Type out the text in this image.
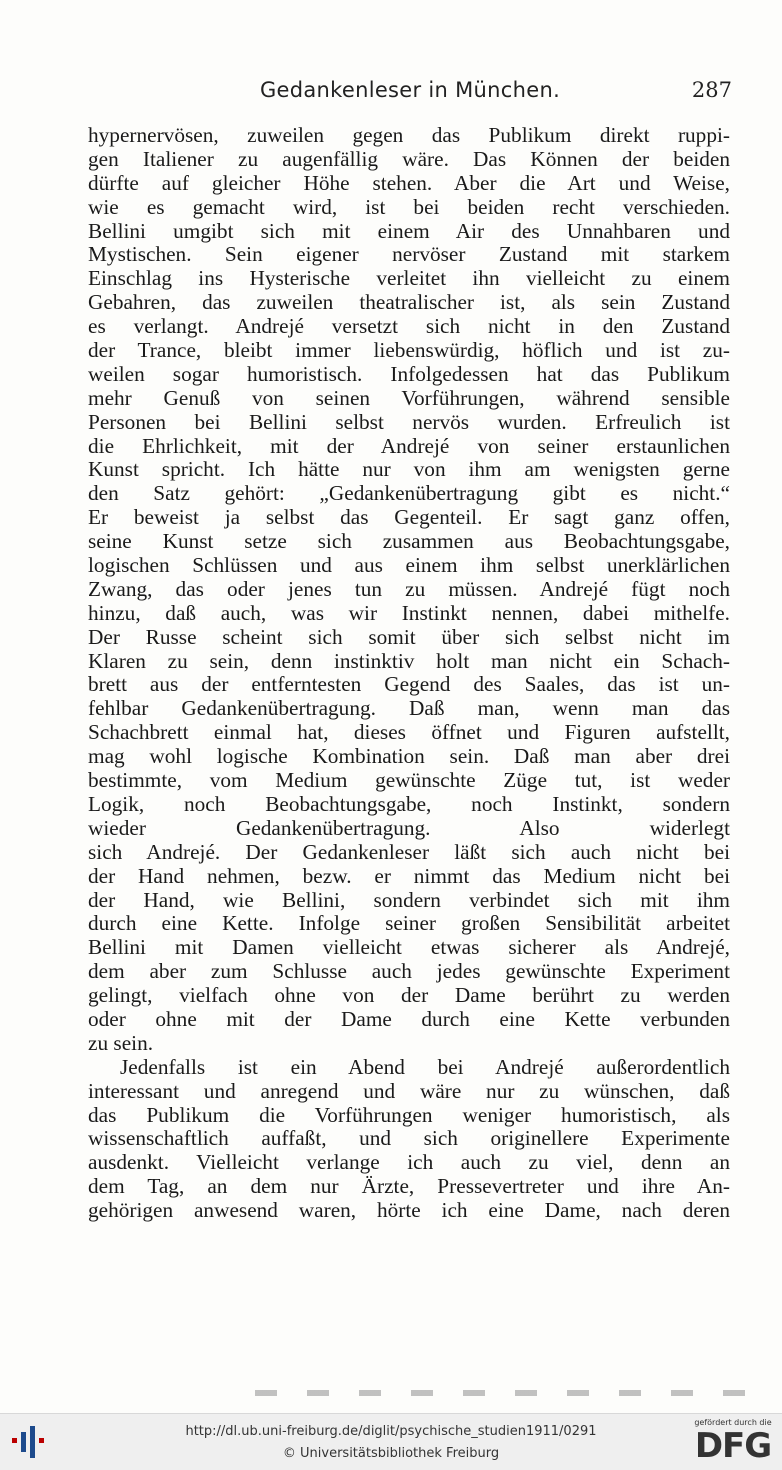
Gedankenleser in München.	287
hypernervösen, zuweilen gegen das Publikum direkt ruppi-
gen Italiener zu augenfällig wäre. Das Können der beiden
dürfte auf gleicher Höhe stehen. Aber die Art und Weise,
wie es gemacht wird, ist bei beiden recht verschieden.
Bellini umgibt sich mit einem Air des Unnahbaren und
Mystischen. Sein eigener nervöser Zustand mit starkem
Einschlag ins Hysterische verleitet ihn vielleicht zu einem
Gebahren, das zuweilen theatralischer ist, als sein Zustand
es verlangt. Andrejé versetzt sich nicht in den Zustand
der Trance, bleibt immer liebenswürdig, höflich und ist zu-
weilen sogar humoristisch. Infolgedessen hat das Publikum
mehr Genuß von seinen Vorführungen, während sensible
Personen bei Bellini selbst nervös wurden. Erfreulich ist
die Ehrlichkeit, mit der Andrejé von seiner erstaunlichen
Kunst spricht. Ich hätte nur von ihm am wenigsten gerne
den Satz gehört: „Gedankenübertragung gibt es nicht.“
Er beweist ja selbst das Gegenteil. Er sagt ganz offen,
seine Kunst setze sich zusammen aus Beobachtungsgabe,
logischen Schlüssen und aus einem ihm selbst unerklärlichen
Zwang, das oder jenes tun zu müssen. Andrejé fügt noch
hinzu, daß auch, was wir Instinkt nennen, dabei mithelfe.
Der Russe scheint sich somit über sich selbst nicht im
Klaren zu sein, denn instinktiv holt man nicht ein Schach-
brett aus der entferntesten Gegend des Saales, das ist un-
fehlbar Gedankenübertragung. Daß man, wenn man das
Schachbrett einmal hat, dieses öffnet und Figuren aufstellt,
mag wohl logische Kombination sein. Daß man aber drei
bestimmte, vom Medium gewünschte Züge tut, ist weder
Logik, noch Beobachtungsgabe, noch Instinkt, sondern
wieder Gedankenübertragung. Also widerlegt
sich Andrejé. Der Gedankenleser läßt sich auch nicht bei
der Hand nehmen, bezw. er nimmt das Medium nicht bei
der Hand, wie Bellini, sondern verbindet sich mit ihm
durch eine Kette. Infolge seiner großen Sensibilität arbeitet
Bellini mit Damen vielleicht etwas sicherer als Andrejé,
dem aber zum Schlusse auch jedes gewünschte Experiment
gelingt, vielfach ohne von der Dame berührt zu werden
oder ohne mit der Dame durch eine Kette verbunden
zu sein.
Jedenfalls ist ein Abend bei Andrejé außerordentlich
interessant und anregend und wäre nur zu wünschen, daß
das Publikum die Vorführungen weniger humoristisch, als
wissenschaftlich auffaßt, und sich originellere Experimente
ausdenkt. Vielleicht verlange ich auch zu viel, denn an
dem Tag, an dem nur Ärzte, Pressevertreter und ihre An-
gehörigen anwesend waren, hörte ich eine Dame, nach deren
http://dl.ub.uni-freiburg.de/diglit/psychische_studien1911/0291
© Universitätsbibliothek Freiburg
gefördert durch die
DFG
